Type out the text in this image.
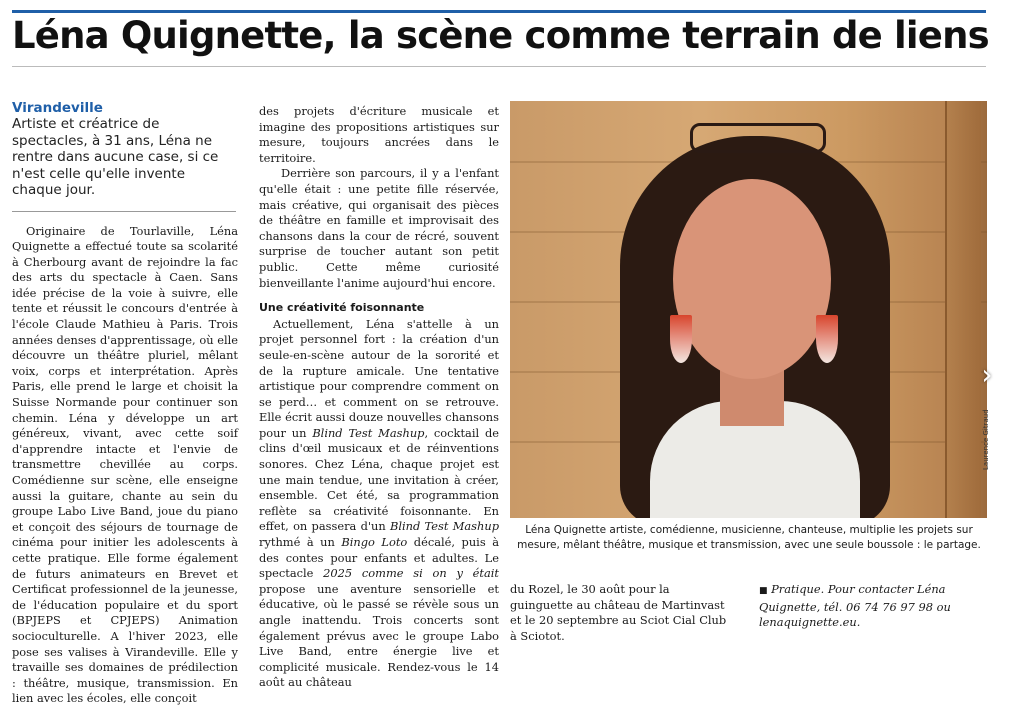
Léna Quignette, la scène comme terrain de liens
Virandeville

Artiste et créatrice de spectacles, à 31 ans, Léna ne rentre dans aucune case, si ce n'est celle qu'elle invente chaque jour.

Originaire de Tourlaville, Léna Quignette a effectué toute sa scolarité à Cherbourg avant de rejoindre la fac des arts du spectacle à Caen. Sans idée précise de la voie à suivre, elle tente et réussit le concours d'entrée à l'école Claude Mathieu à Paris. Trois années denses d'apprentissage, où elle découvre un théâtre pluriel, mêlant voix, corps et interprétation. Après Paris, elle prend le large et choisit la Suisse Normande pour continuer son chemin. Léna y développe un art généreux, vivant, avec cette soif d'apprendre intacte et l'envie de transmettre chevillée au corps. Comédienne sur scène, elle enseigne aussi la guitare, chante au sein du groupe Labo Live Band, joue du piano et conçoit des séjours de tournage de cinéma pour initier les adolescents à cette pratique. Elle forme également de futurs animateurs en Brevet et Certificat professionnel de la jeunesse, de l'éducation populaire et du sport (BPJEPS et CPJEPS) Animation socioculturelle. A l'hiver 2023, elle pose ses valises à Virandeville. Elle y travaille ses domaines de prédilection : théâtre, musique, transmission. En lien avec les écoles, elle conçoit

des projets d'écriture musicale et imagine des propositions artistiques sur mesure, toujours ancrées dans le territoire.

Derrière son parcours, il y a l'enfant qu'elle était : une petite fille réservée, mais créative, qui organisait des pièces de théâtre en famille et improvisait des chansons dans la cour de récré, souvent surprise de toucher autant son petit public. Cette même curiosité bienveillante l'anime aujourd'hui encore.

Une créativité foisonnante

Actuellement, Léna s'attelle à un projet personnel fort : la création d'un seule-en-scène autour de la sororité et de la rupture amicale. Une tentative artistique pour comprendre comment on se perd… et comment on se retrouve. Elle écrit aussi douze nouvelles chansons pour un Blind Test Mashup, cocktail de clins d'œil musicaux et de réinventions sonores. Chez Léna, chaque projet est une main tendue, une invitation à créer, ensemble. Cet été, sa programmation reflète sa créativité foisonnante. En effet, on passera d'un Blind Test Mashup rythmé à un Bingo Loto décalé, puis à des contes pour enfants et adultes. Le spectacle 2025 comme si on y était propose une aventure sensorielle et éducative, où le passé se révèle sous un angle inattendu. Trois concerts sont également prévus avec le groupe Labo Live Band, entre énergie live et complicité musicale. Rendez-vous le 14 août au château

Laurence Gitraud
›

Léna Quignette artiste, comédienne, musicienne, chanteuse, multiplie les projets sur mesure, mêlant théâtre, musique et transmission, avec une seule boussole : le partage.

du Rozel, le 30 août pour la guinguette au château de Martinvast et le 20 septembre au Sciot Cial Club à Sciotot.

■ Pratique. Pour contacter Léna Quignette, tél. 06 74 76 97 98 ou lenaquignette.eu.
